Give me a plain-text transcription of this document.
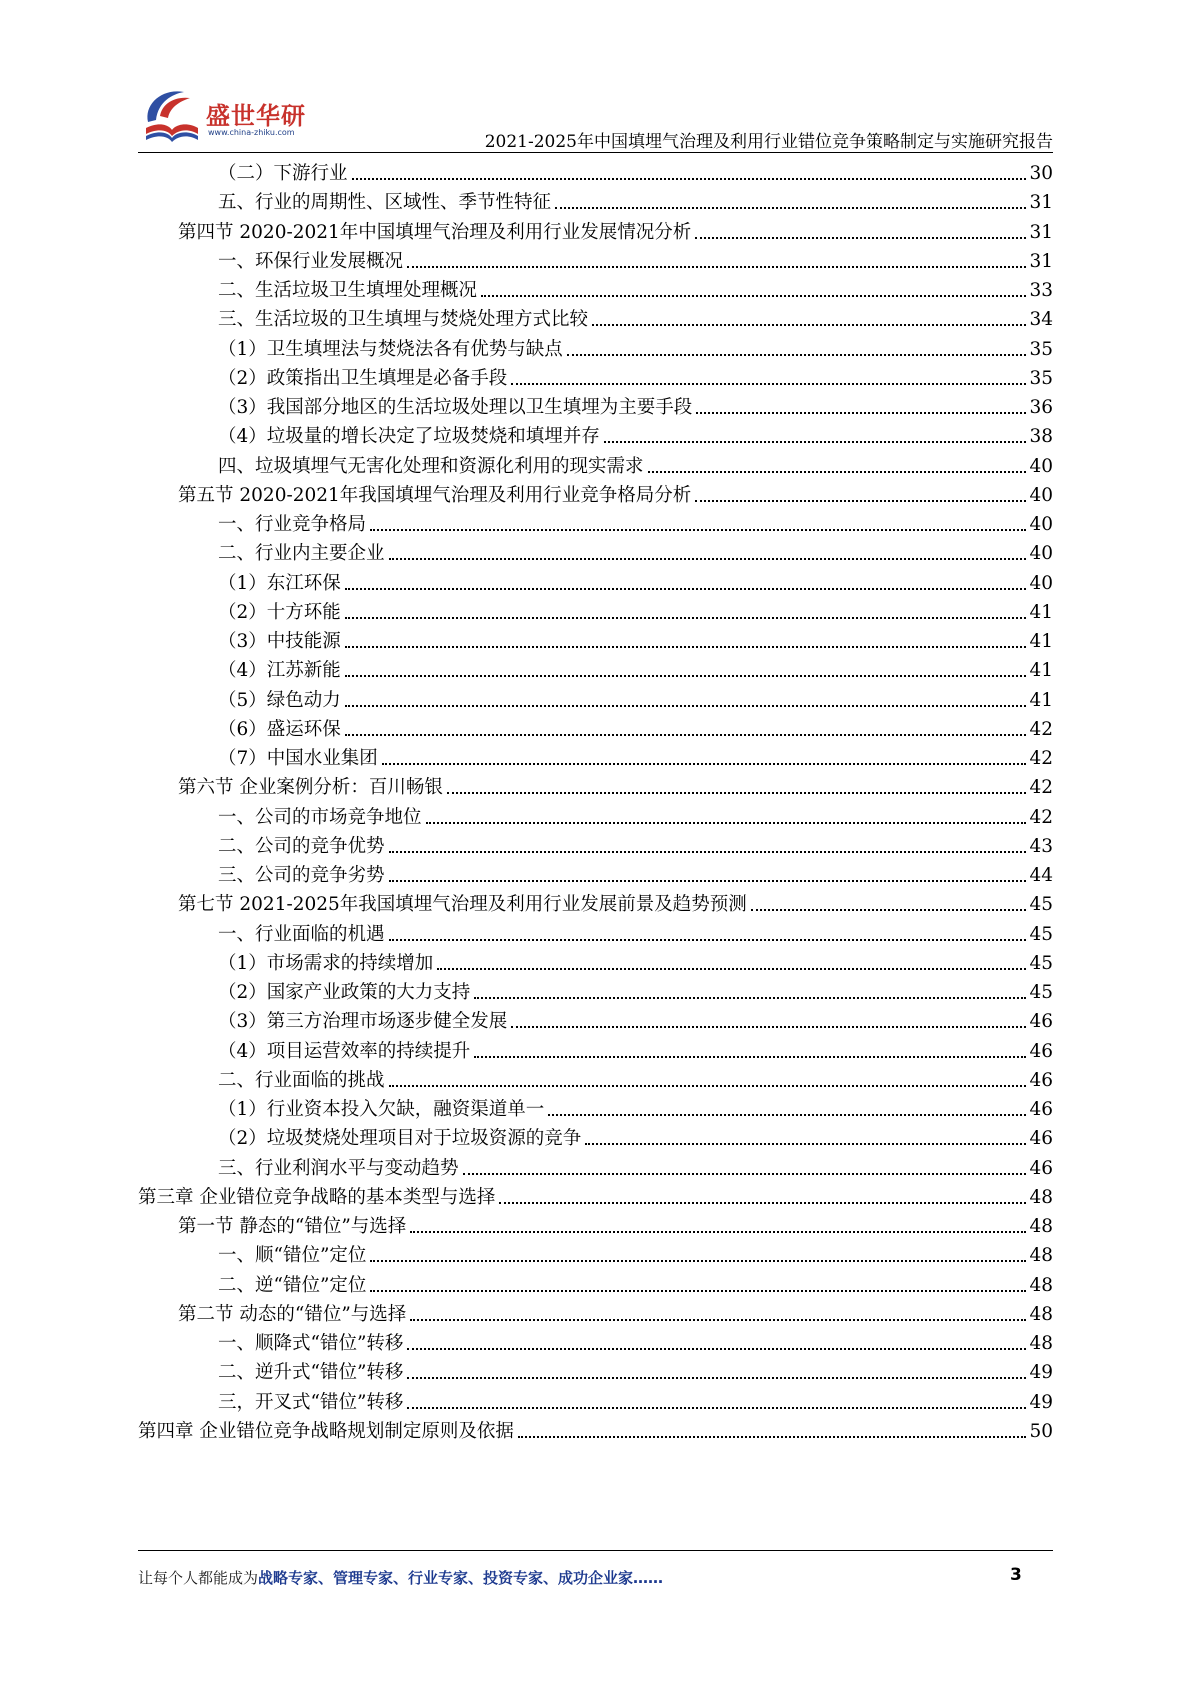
盛世华研
www.china-zhiku.com	2021-2025年中国填埋气治理及利用行业错位竞争策略制定与实施研究报告
（二）下游行业	30
五、行业的周期性、区域性、季节性特征	31
第四节 2020-2021年中国填埋气治理及利用行业发展情况分析	31
一、环保行业发展概况	31
二、生活垃圾卫生填埋处理概况	33
三、生活垃圾的卫生填埋与焚烧处理方式比较	34
（1）卫生填埋法与焚烧法各有优势与缺点	35
（2）政策指出卫生填埋是必备手段	35
（3）我国部分地区的生活垃圾处理以卫生填埋为主要手段	36
（4）垃圾量的增长决定了垃圾焚烧和填埋并存	38
四、垃圾填埋气无害化处理和资源化利用的现实需求	40
第五节 2020-2021年我国填埋气治理及利用行业竞争格局分析	40
一、行业竞争格局	40
二、行业内主要企业	40
（1）东江环保	40
（2）十方环能	41
（3）中技能源	41
（4）江苏新能	41
（5）绿色动力	41
（6）盛运环保	42
（7）中国水业集团	42
第六节 企业案例分析：百川畅银	42
一、公司的市场竞争地位	42
二、公司的竞争优势	43
三、公司的竞争劣势	44
第七节 2021-2025年我国填埋气治理及利用行业发展前景及趋势预测	45
一、行业面临的机遇	45
（1）市场需求的持续增加	45
（2）国家产业政策的大力支持	45
（3）第三方治理市场逐步健全发展	46
（4）项目运营效率的持续提升	46
二、行业面临的挑战	46
（1）行业资本投入欠缺，融资渠道单一	46
（2）垃圾焚烧处理项目对于垃圾资源的竞争	46
三、行业利润水平与变动趋势	46
第三章 企业错位竞争战略的基本类型与选择	48
第一节 静态的“错位”与选择	48
一、顺“错位”定位	48
二、逆“错位”定位	48
第二节 动态的“错位”与选择	48
一、顺降式“错位”转移	48
二、逆升式“错位”转移	49
三，开叉式“错位”转移	49
第四章 企业错位竞争战略规划制定原则及依据	50
让每个人都能成为战略专家、管理专家、行业专家、投资专家、成功企业家……	3
